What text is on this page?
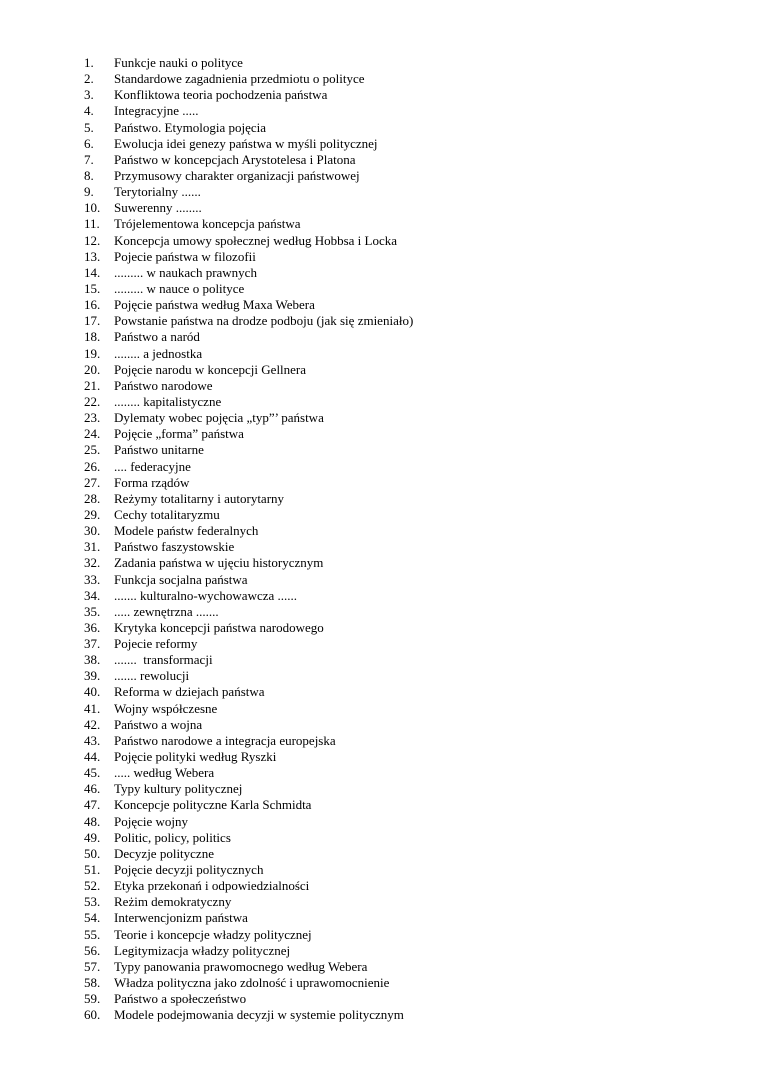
1.	Funkcje nauki o polityce
2.	Standardowe zagadnienia przedmiotu o polityce
3.	Konfliktowa teoria pochodzenia państwa
4.	Integracyjne .....
5.	Państwo. Etymologia pojęcia
6.	Ewolucja idei genezy państwa w myśli politycznej
7.	Państwo w koncepcjach Arystotelesa i Platona
8.	Przymusowy charakter organizacji państwowej
9.	Terytorialny ......
10.	Suwerenny ........
11.	Trójelementowa koncepcja państwa
12.	Koncepcja umowy społecznej według Hobbsa i Locka
13.	Pojecie państwa w filozofii
14.	......... w naukach prawnych
15.	......... w nauce o polityce
16.	Pojęcie państwa według Maxa Webera
17.	Powstanie państwa na drodze podboju (jak się zmieniało)
18.	Państwo a naród
19.	........ a jednostka
20.	Pojęcie narodu w koncepcji Gellnera
21.	Państwo narodowe
22.	........ kapitalistyczne
23.	Dylematy wobec pojęcia „typ”’ państwa
24.	Pojęcie „forma” państwa
25.	Państwo unitarne
26.	.... federacyjne
27.	Forma rządów
28.	Reżymy totalitarny i autorytarny
29.	Cechy totalitaryzmu
30.	Modele państw federalnych
31.	Państwo faszystowskie
32.	Zadania państwa w ujęciu historycznym
33.	Funkcja socjalna państwa
34.	....... kulturalno-wychowawcza ......
35.	..... zewnętrzna .......
36.	Krytyka koncepcji państwa narodowego
37.	Pojecie reformy
38.	.......  transformacji
39.	....... rewolucji
40.	Reforma w dziejach państwa
41.	Wojny współczesne
42.	Państwo a wojna
43.	Państwo narodowe a integracja europejska
44.	Pojęcie polityki według Ryszki
45.	..... według Webera
46.	Typy kultury politycznej
47.	Koncepcje polityczne Karla Schmidta
48.	Pojęcie wojny
49.	Politic, policy, politics
50.	Decyzje polityczne
51.	Pojęcie decyzji politycznych
52.	Etyka przekonań i odpowiedzialności
53.	Reżim demokratyczny
54.	Interwencjonizm państwa
55.	Teorie i koncepcje władzy politycznej
56.	Legitymizacja władzy politycznej
57.	Typy panowania prawomocnego według Webera
58.	Władza polityczna jako zdolność i uprawomocnienie
59.	Państwo a społeczeństwo
60.	Modele podejmowania decyzji w systemie politycznym
